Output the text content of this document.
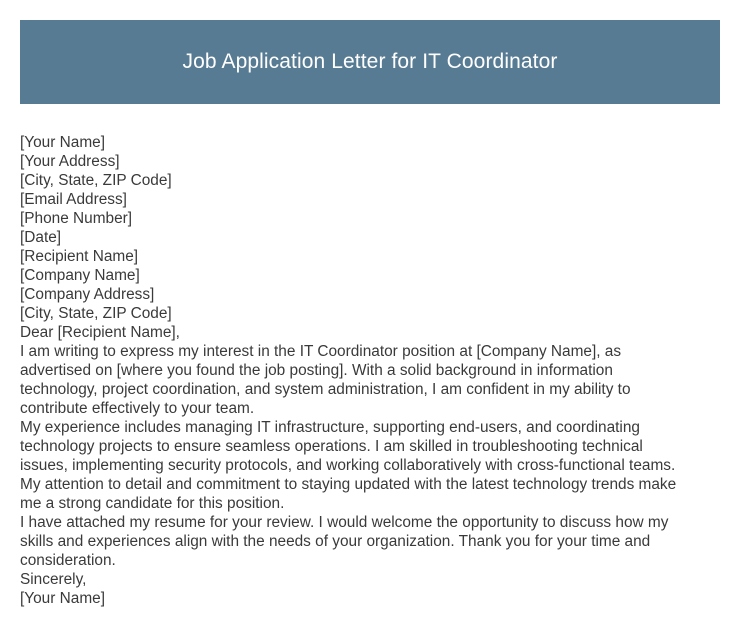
Job Application Letter for IT Coordinator
[Your Name]
[Your Address]
[City, State, ZIP Code]
[Email Address]
[Phone Number]
[Date]
[Recipient Name]
[Company Name]
[Company Address]
[City, State, ZIP Code]
Dear [Recipient Name],
I am writing to express my interest in the IT Coordinator position at [Company Name], as
advertised on [where you found the job posting]. With a solid background in information
technology, project coordination, and system administration, I am confident in my ability to
contribute effectively to your team.
My experience includes managing IT infrastructure, supporting end-users, and coordinating
technology projects to ensure seamless operations. I am skilled in troubleshooting technical
issues, implementing security protocols, and working collaboratively with cross-functional teams.
My attention to detail and commitment to staying updated with the latest technology trends make
me a strong candidate for this position.
I have attached my resume for your review. I would welcome the opportunity to discuss how my
skills and experiences align with the needs of your organization. Thank you for your time and
consideration.
Sincerely,
[Your Name]
